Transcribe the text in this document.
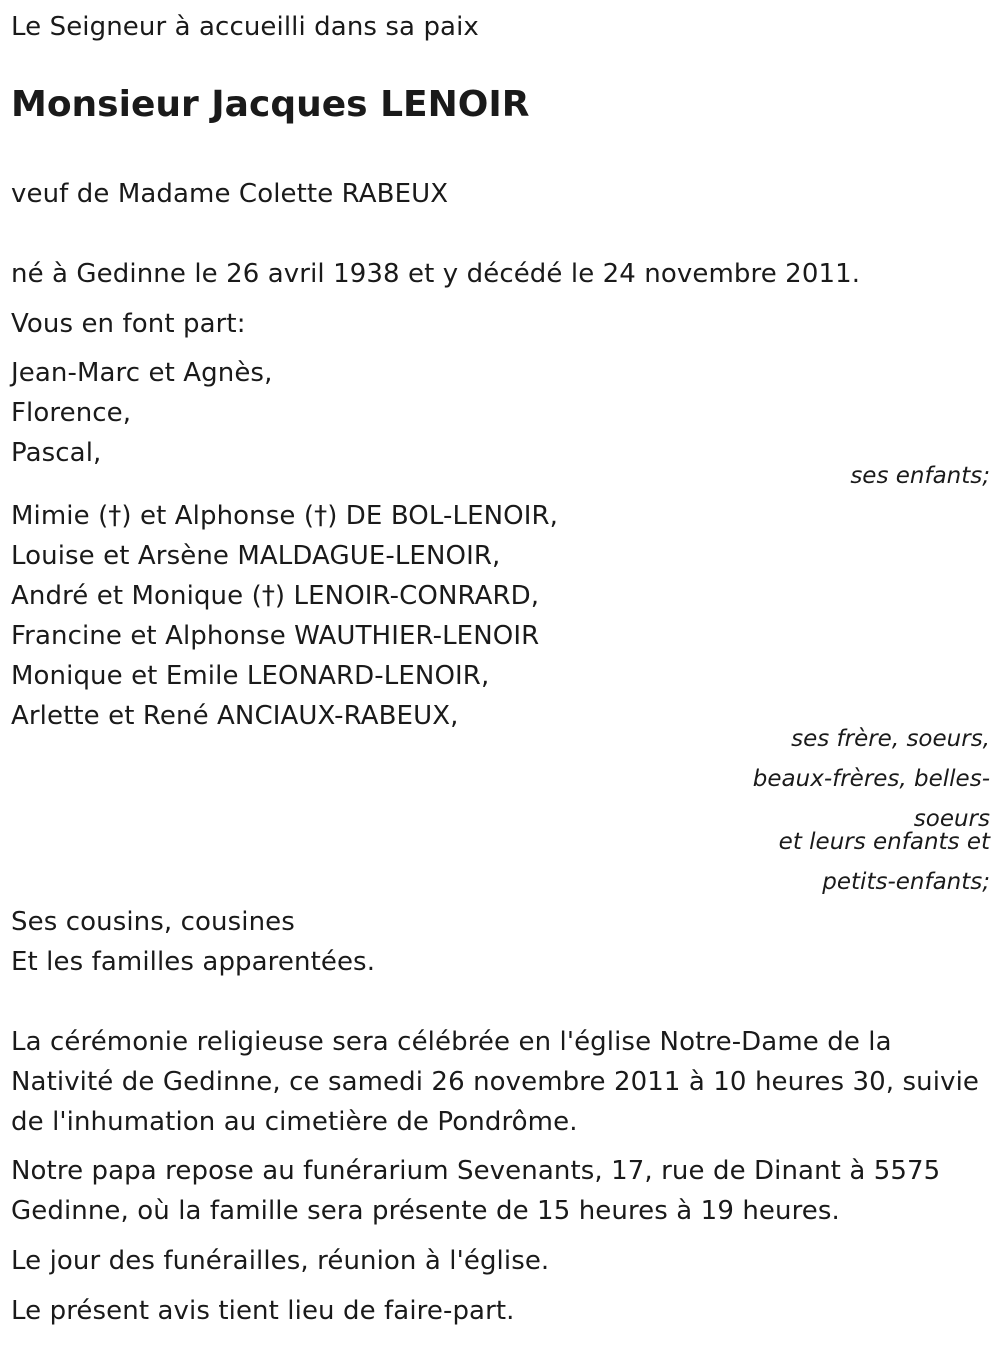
Le Seigneur à accueilli dans sa paix
Monsieur Jacques LENOIR
veuf de Madame Colette RABEUX
né à Gedinne le 26 avril 1938 et y décédé le 24 novembre 2011.
Vous en font part:
Jean-Marc et Agnès,
Florence,
Pascal,
ses enfants;
Mimie (†) et Alphonse (†) DE BOL-LENOIR,
Louise et Arsène MALDAGUE-LENOIR,
André et Monique (†) LENOIR-CONRARD,
Francine et Alphonse WAUTHIER-LENOIR
Monique et Emile LEONARD-LENOIR,
Arlette et René ANCIAUX-RABEUX,
ses frère, soeurs,
beaux-frères, belles-
soeurs
et leurs enfants et
petits-enfants;
Ses cousins, cousines
Et les familles apparentées.
La cérémonie religieuse sera célébrée en l'église Notre-Dame de la
Nativité de Gedinne, ce samedi 26 novembre 2011 à 10 heures 30, suivie
de l'inhumation au cimetière de Pondrôme.
Notre papa repose au funérarium Sevenants, 17, rue de Dinant à 5575
Gedinne, où la famille sera présente de 15 heures à 19 heures.
Le jour des funérailles, réunion à l'église.
Le présent avis tient lieu de faire-part.
